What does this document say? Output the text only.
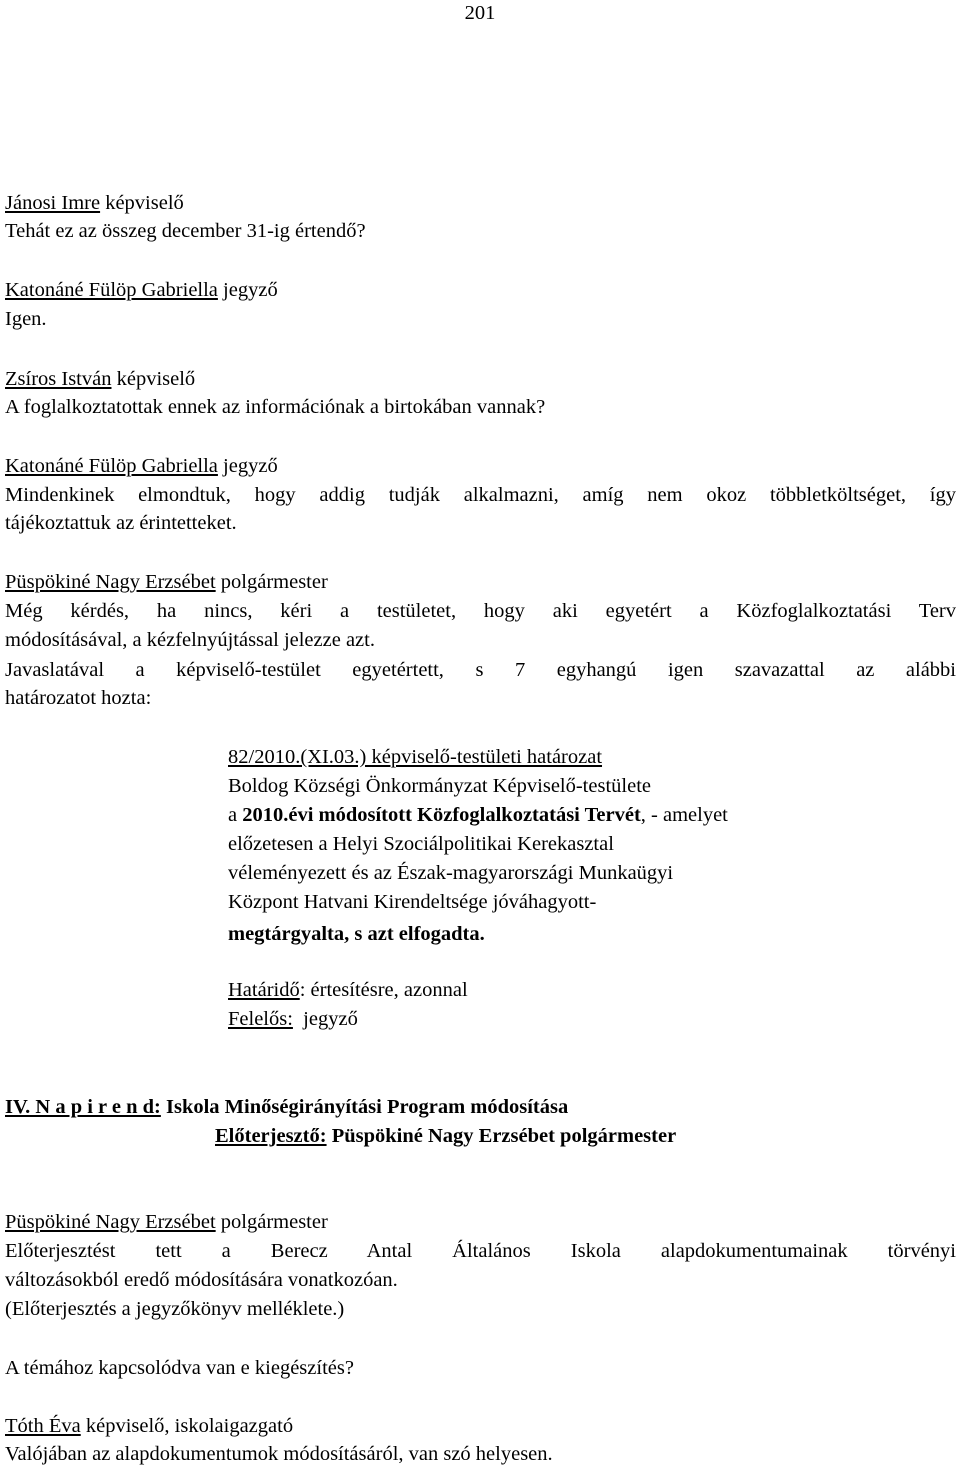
201
Jánosi Imre képviselő
Tehát ez az összeg december 31-ig értendő?
Katonáné Fülöp Gabriella jegyző
Igen.
Zsíros István képviselő
A foglalkoztatottak ennek az információnak a birtokában vannak?
Katonáné Fülöp Gabriella jegyző
Mindenkinek elmondtuk, hogy addig tudják alkalmazni, amíg nem okoz többletköltséget, így
tájékoztattuk az érintetteket.
Püspökiné Nagy Erzsébet polgármester
Még kérdés, ha nincs, kéri a testületet, hogy aki egyetért a Közfoglalkoztatási Terv
módosításával, a kézfelnyújtással jelezze azt.
Javaslatával a képviselő-testület egyetértett, s 7 egyhangú igen szavazattal az alábbi
határozatot hozta:
82/2010.(XI.03.) képviselő-testületi határozat
Boldog Községi Önkormányzat Képviselő-testülete
a 2010.évi módosított Közfoglalkoztatási Tervét, - amelyet
előzetesen a Helyi Szociálpolitikai Kerekasztal
véleményezett és az Észak-magyarországi Munkaügyi
Központ Hatvani Kirendeltsége jóváhagyott-
megtárgyalta, s azt elfogadta.
Határidő: értesítésre, azonnal
Felelős:  jegyző
IV. N a p i r e n d: Iskola Minőségirányítási Program módosítása
Előterjesztő: Püspökiné Nagy Erzsébet polgármester
Püspökiné Nagy Erzsébet polgármester
Előterjesztést tett a Berecz Antal Általános Iskola alapdokumentumainak törvényi
változásokból eredő módosítására vonatkozóan.
(Előterjesztés a jegyzőkönyv melléklete.)
A témához kapcsolódva van e kiegészítés?
Tóth Éva képviselő, iskolaigazgató
Valójában az alapdokumentumok módosításáról, van szó helyesen.
